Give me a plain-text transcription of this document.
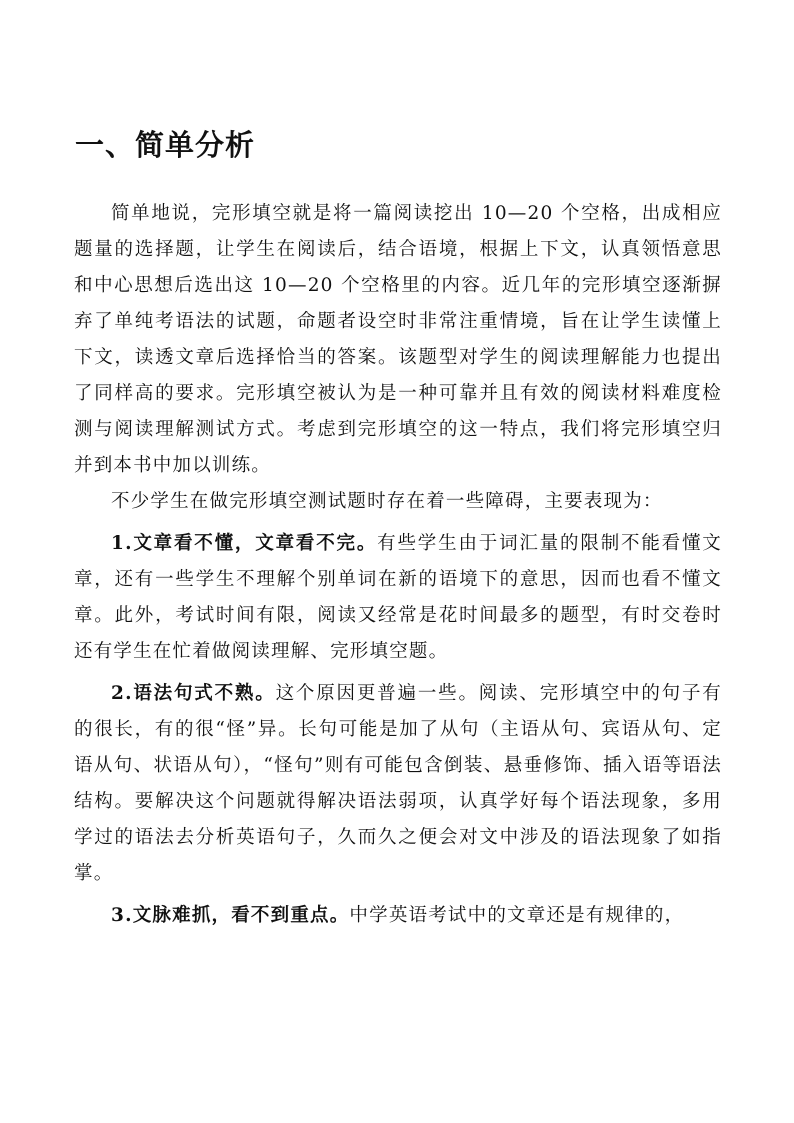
一、简单分析

简单地说，完形填空就是将一篇阅读挖出 10—20 个空格，出成相应题量的选择题，让学生在阅读后，结合语境，根据上下文，认真领悟意思和中心思想后选出这 10—20 个空格里的内容。近几年的完形填空逐渐摒弃了单纯考语法的试题，命题者设空时非常注重情境，旨在让学生读懂上下文，读透文章后选择恰当的答案。该题型对学生的阅读理解能力也提出了同样高的要求。完形填空被认为是一种可靠并且有效的阅读材料难度检测与阅读理解测试方式。考虑到完形填空的这一特点，我们将完形填空归并到本书中加以训练。

不少学生在做完形填空测试题时存在着一些障碍，主要表现为：

1.文章看不懂，文章看不完。有些学生由于词汇量的限制不能看懂文章，还有一些学生不理解个别单词在新的语境下的意思，因而也看不懂文章。此外，考试时间有限，阅读又经常是花时间最多的题型，有时交卷时还有学生在忙着做阅读理解、完形填空题。

2.语法句式不熟。这个原因更普遍一些。阅读、完形填空中的句子有的很长，有的很“怪”异。长句可能是加了从句（主语从句、宾语从句、定语从句、状语从句），“怪句”则有可能包含倒装、悬垂修饰、插入语等语法结构。要解决这个问题就得解决语法弱项，认真学好每个语法现象，多用学过的语法去分析英语句子，久而久之便会对文中涉及的语法现象了如指掌。

3.文脉难抓，看不到重点。中学英语考试中的文章还是有规律的，
